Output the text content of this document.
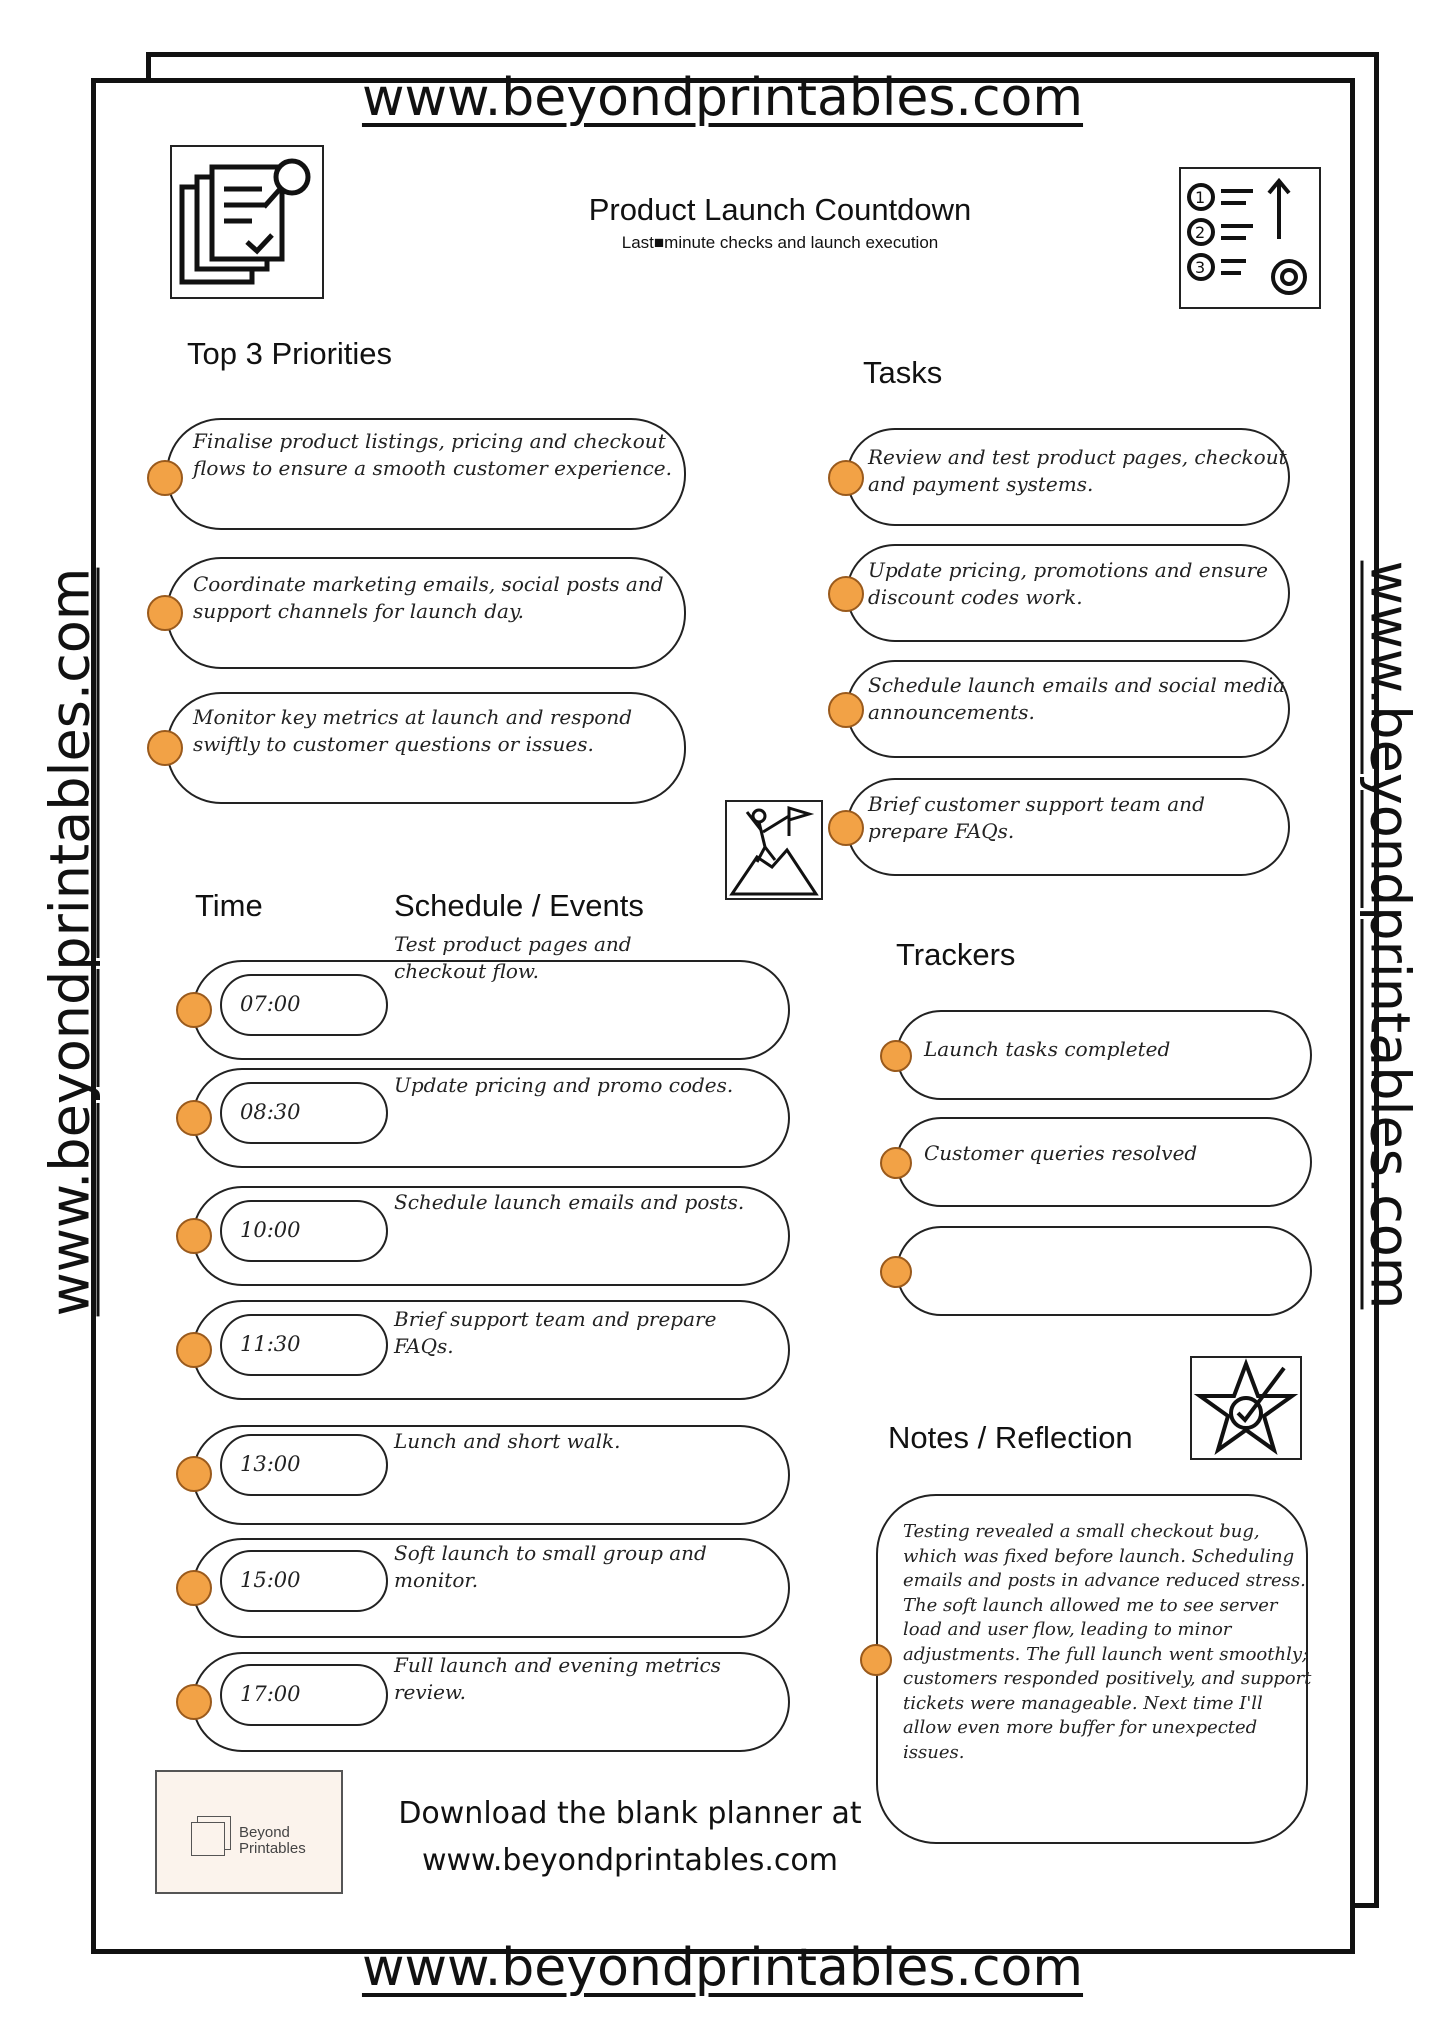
www.beyondprintables.com
www.beyondprintables.com
www.beyondprintables.com	www.beyondprintables.com
Product Launch Countdown
Last■minute checks and launch execution
1
2
3
Top 3 Priorities
Finalise product listings, pricing and checkout flows to ensure a smooth customer experience.
Coordinate marketing emails, social posts and support channels for launch day.
Monitor key metrics at launch and respond swiftly to customer questions or issues.
Tasks
Review and test product pages, checkout and payment systems.
Update pricing, promotions and ensure discount codes work.
Schedule launch emails and social media announcements.
Brief customer support team and prepare FAQs.
Time	Schedule / Events
07:00
Test product pages and checkout flow.
08:30
Update pricing and promo codes.
10:00
Schedule launch emails and posts.
11:30
Brief support team and prepare FAQs.
13:00
Lunch and short walk.
15:00
Soft launch to small group and monitor.
17:00
Full launch and evening metrics review.
Trackers
Launch tasks completed
Customer queries resolved
Notes / Reflection
Testing revealed a small checkout bug, which was fixed before launch. Scheduling emails and posts in advance reduced stress. The soft launch allowed me to see server load and user flow, leading to minor adjustments. The full launch went smoothly; customers responded positively, and support tickets were manageable. Next time I'll allow even more buffer for unexpected issues.
Beyond
Printables
Download the blank planner at
www.beyondprintables.com
